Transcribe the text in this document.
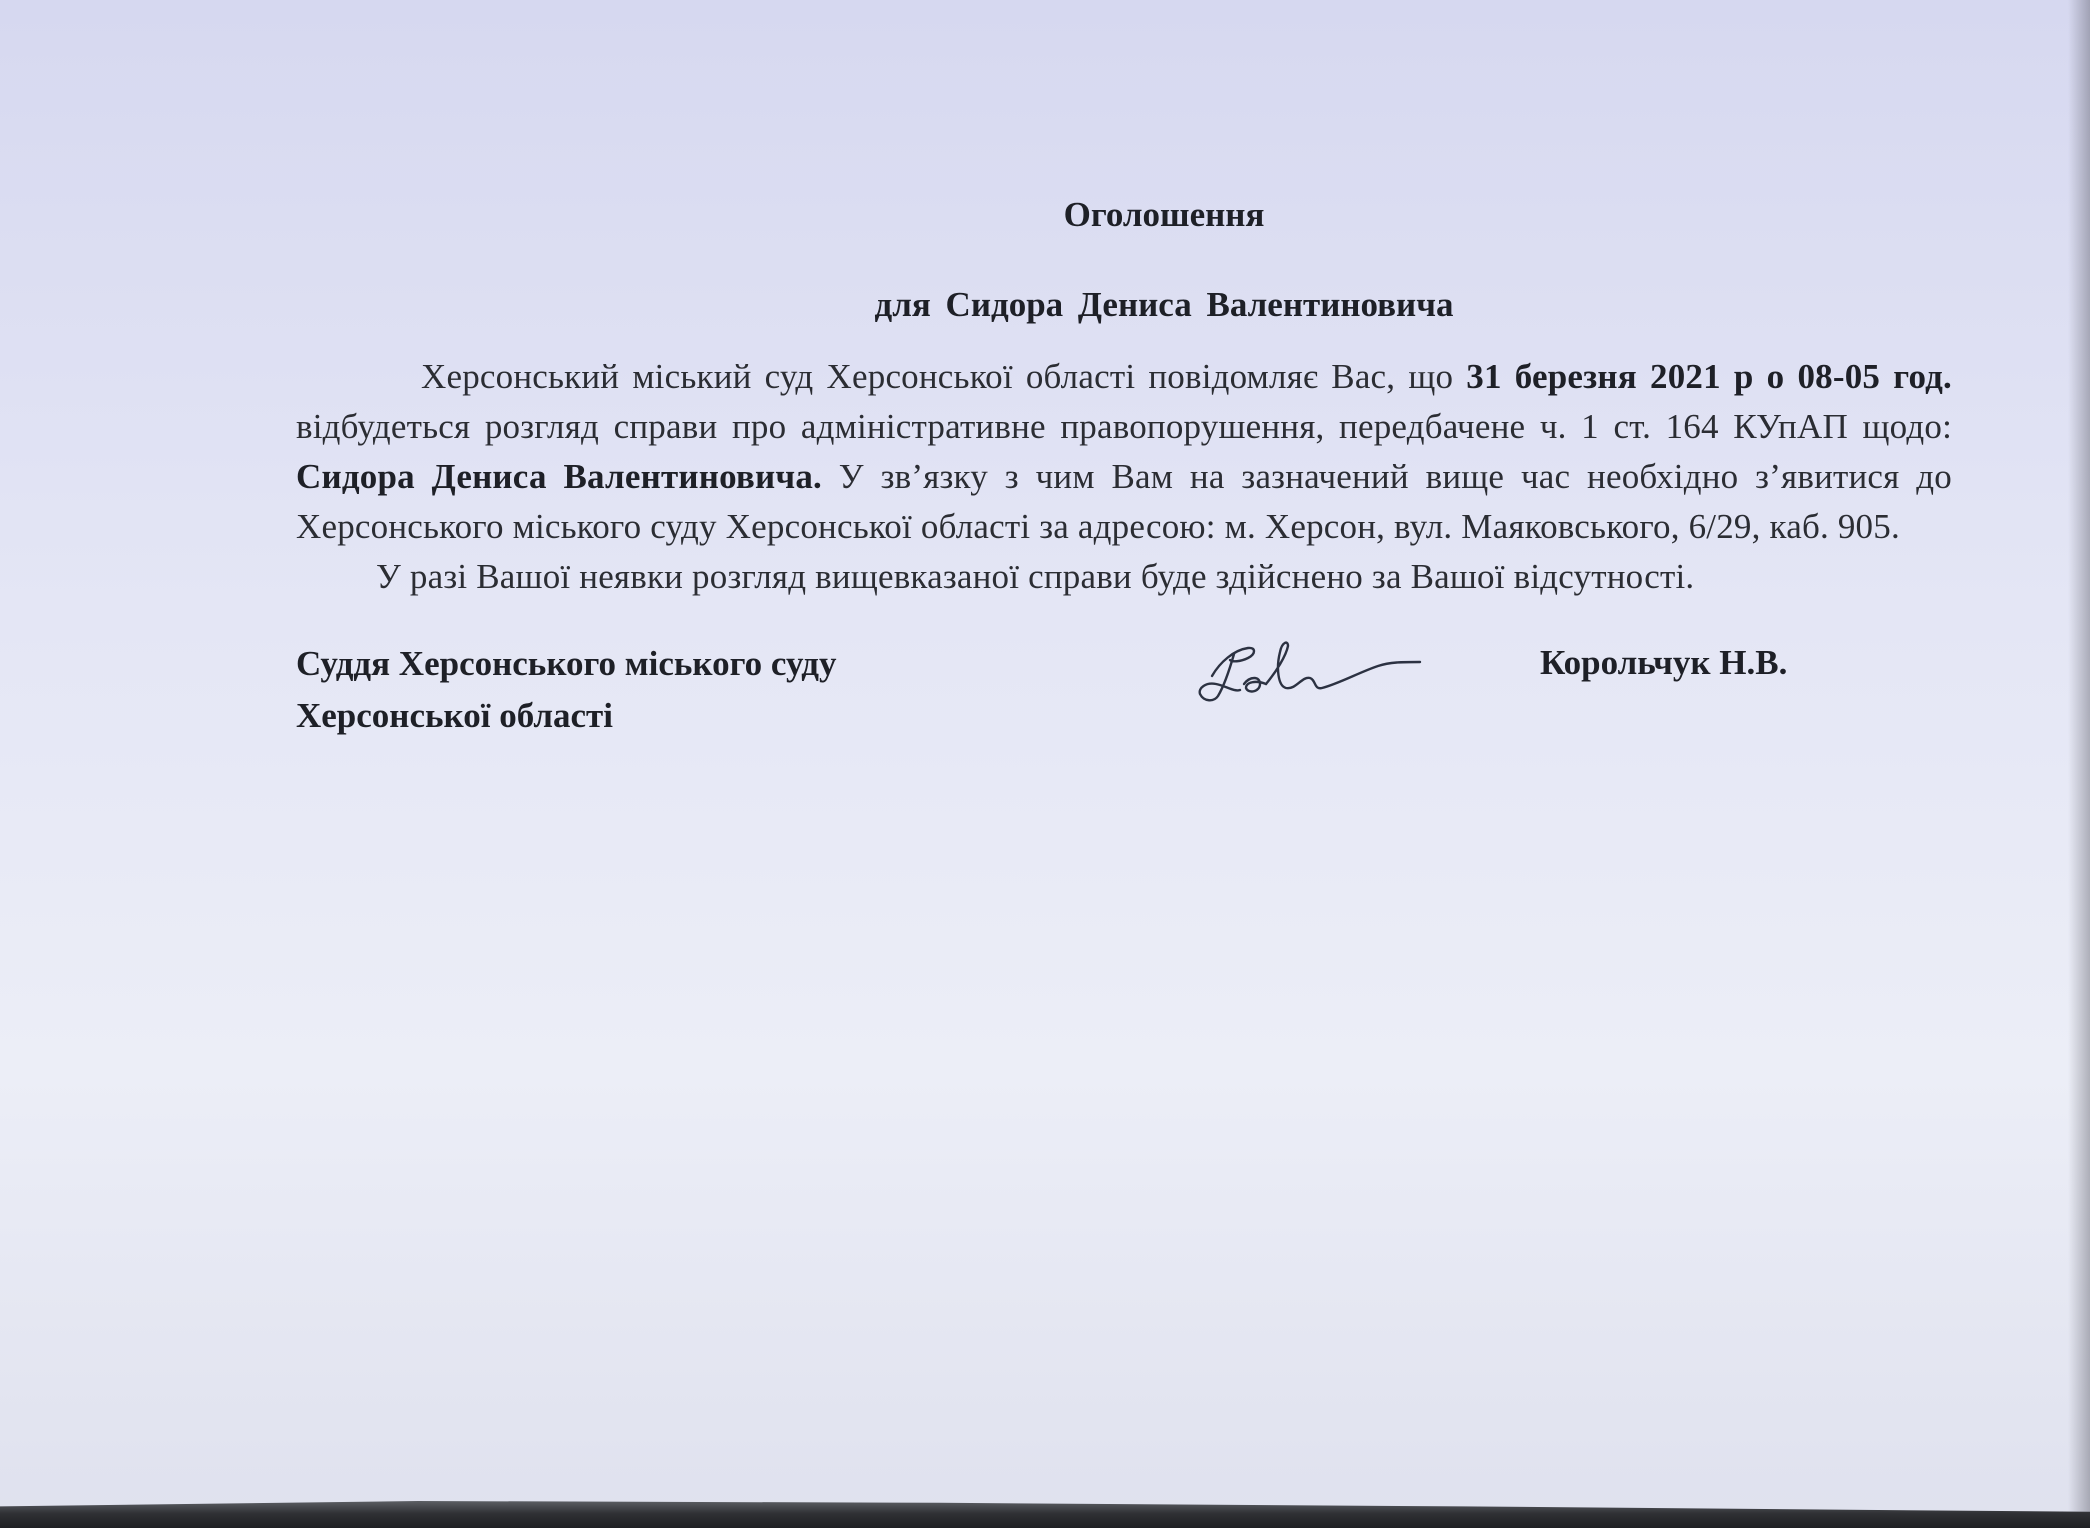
Оголошення

для Сидора Дениса Валентиновича

Херсонський міський суд Херсонської області повідомляє Вас, що 31 березня 2021 р о 08-05 год. відбудеться розгляд справи про адміністративне правопорушення, передбачене ч. 1 ст. 164 КУпАП щодо: Сидора Дениса Валентиновича. У зв’язку з чим Вам на зазначений вище час необхідно з’явитися до Херсонського міського суду Херсонської області за адресою: м. Херсон, вул. Маяковського, 6/29, каб. 905.

У разі Вашої неявки розгляд вищевказаної справи буде здійснено за Вашої відсутності.

Суддя Херсонського міського суду
Херсонської області
Корольчук Н.В.
